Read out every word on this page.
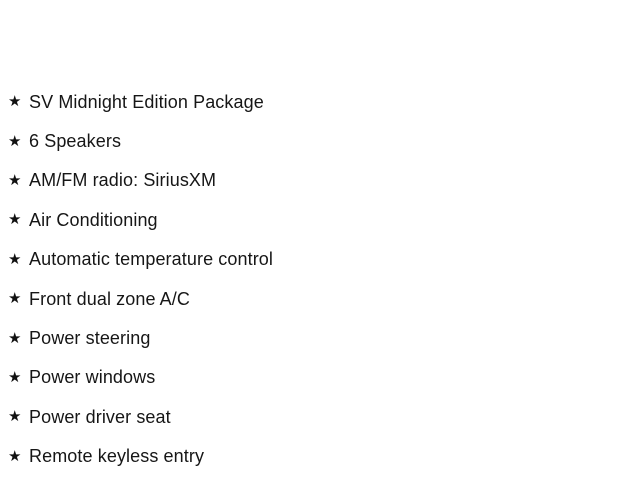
★ SV Midnight Edition Package
★ 6 Speakers
★ AM/FM radio: SiriusXM
★ Air Conditioning
★ Automatic temperature control
★ Front dual zone A/C
★ Power steering
★ Power windows
★ Power driver seat
★ Remote keyless entry
